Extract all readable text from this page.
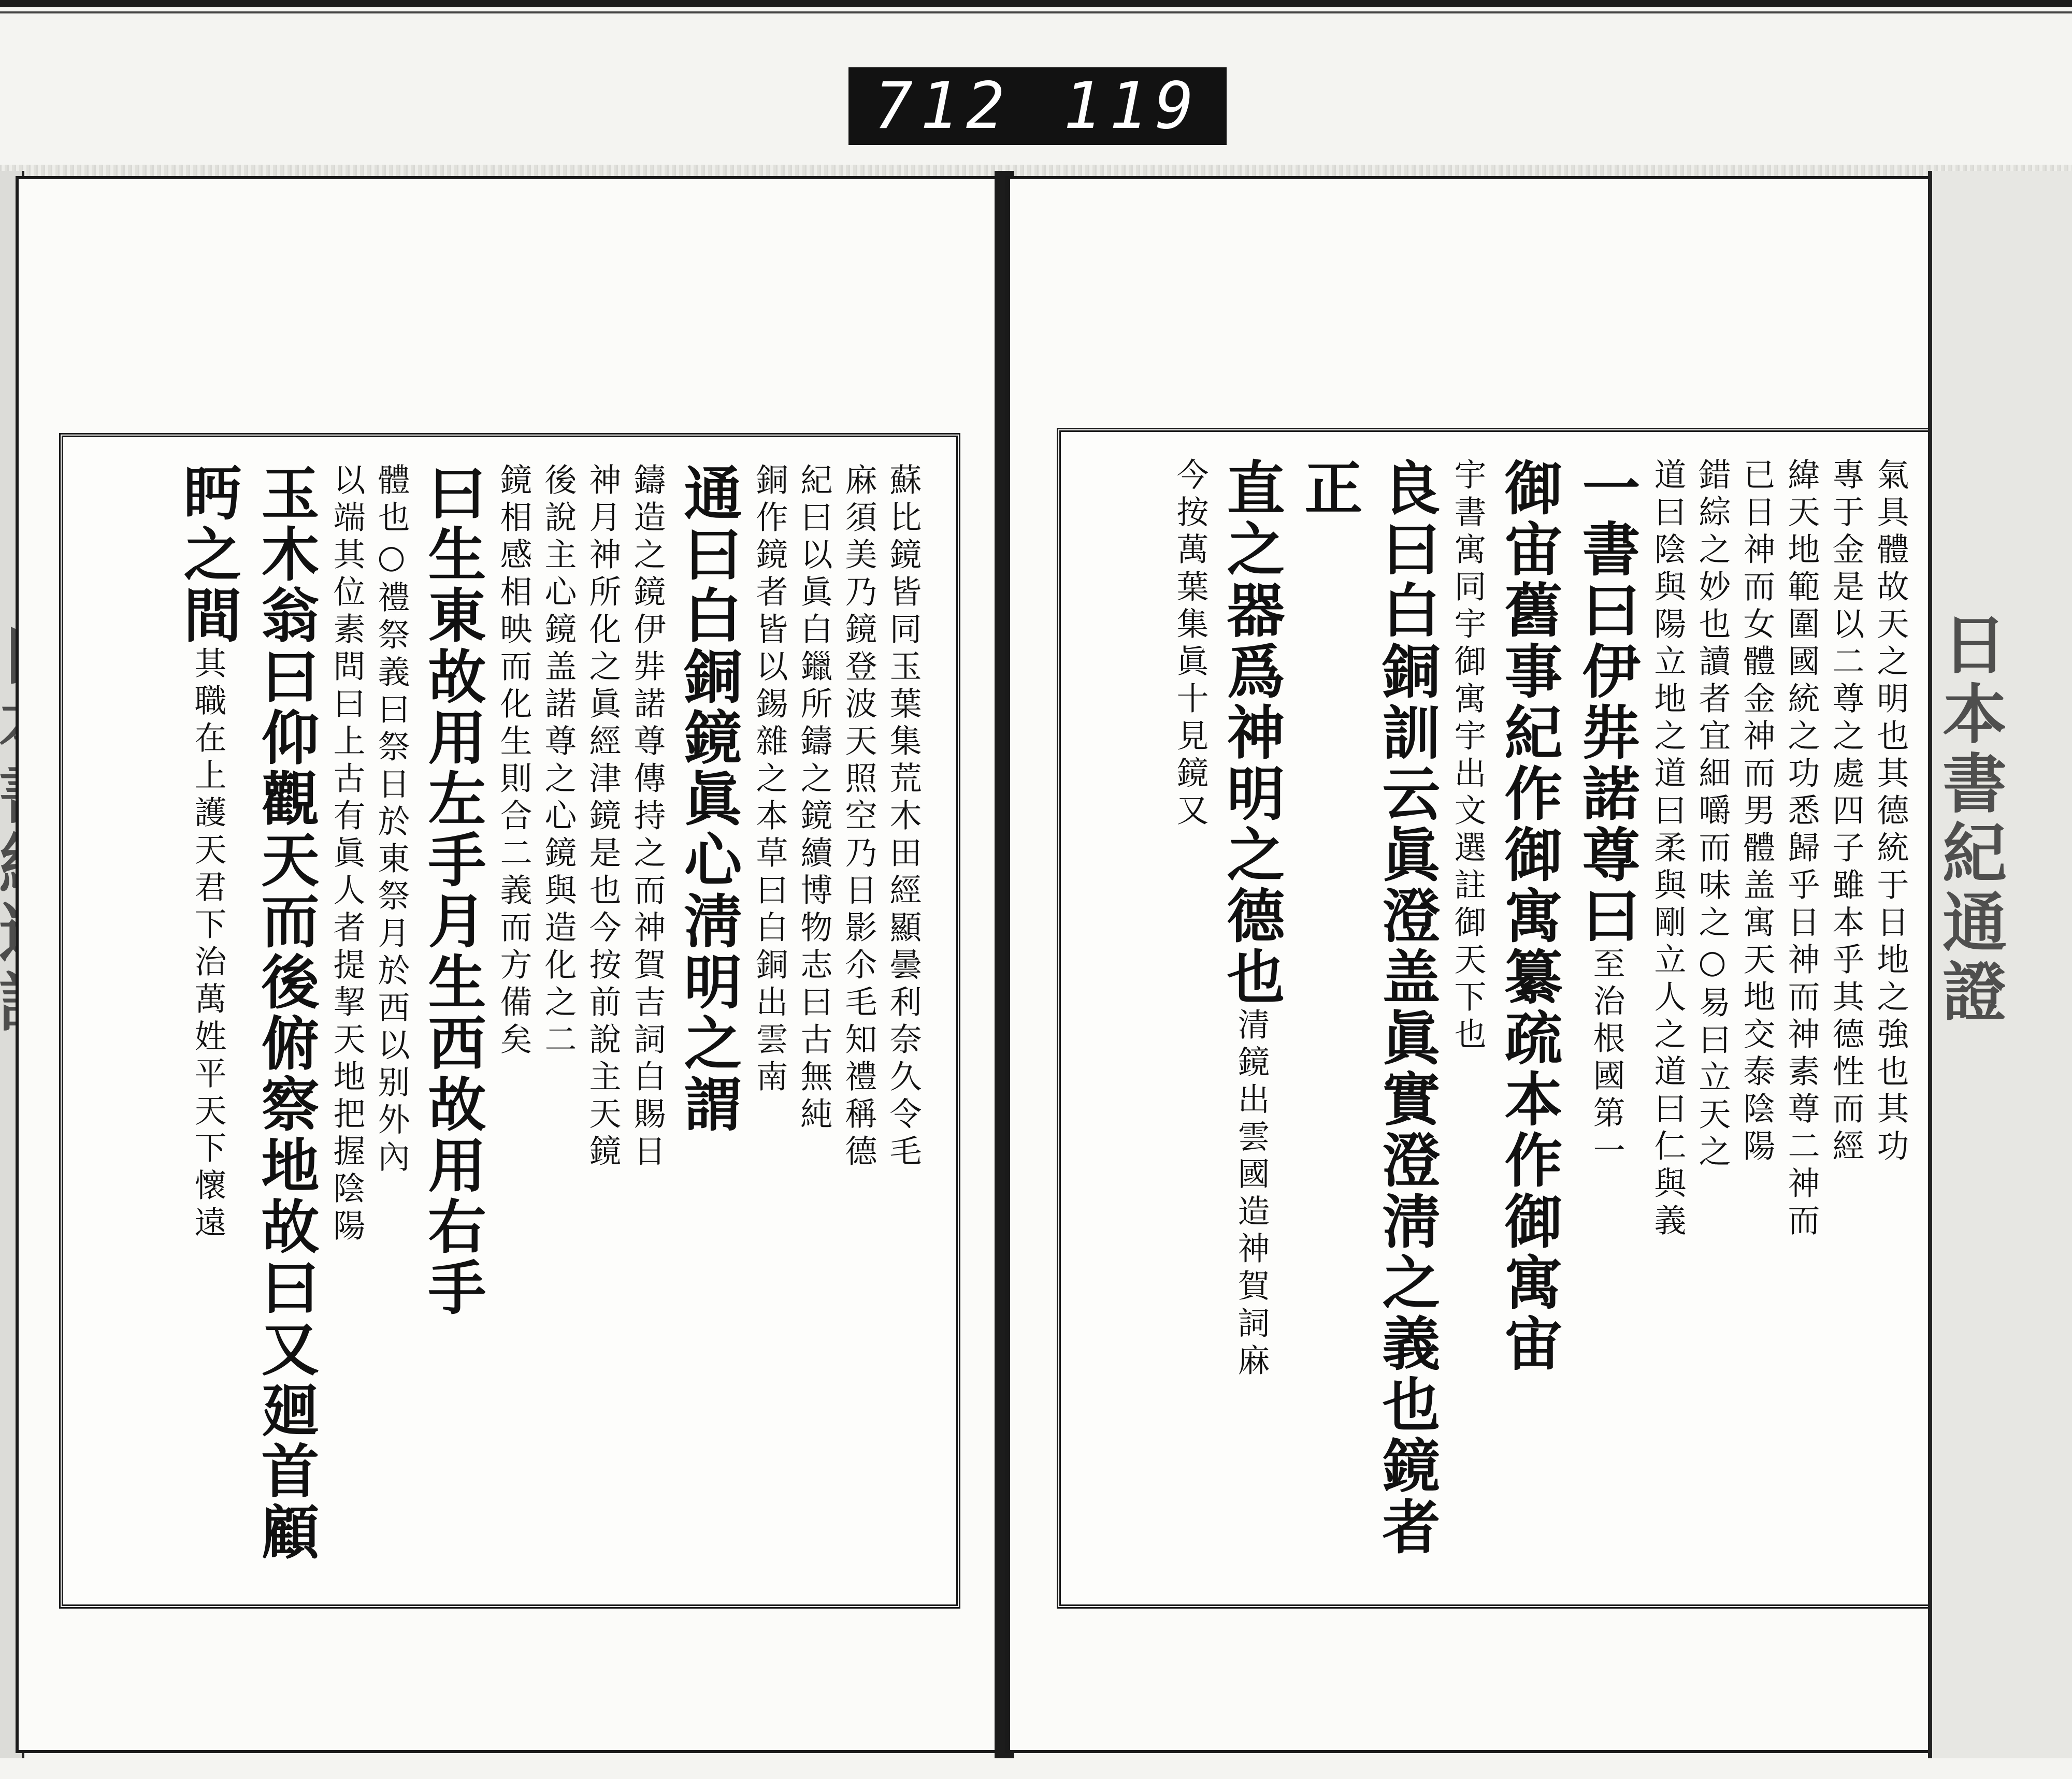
712 119
蘇比鏡皆同玉葉集荒木田經顯曇利奈久令毛麻須美乃鏡登波天照空乃日影尒毛知禮稱德紀曰以眞白鑞所鑄之鏡續博物志曰古無純銅作鏡者皆以錫雜之本草曰白銅出雲南通曰白銅鏡眞心淸明之謂鑄造之鏡伊弉諾尊傳持之而神賀吉詞白賜日神月神所化之眞經津鏡是也今按前說主天鏡後說主心鏡盖諾尊之心鏡與造化之二鏡相感相映而化生則合二義而方備矣曰生東故用左手月生西故用右手體也○禮祭義曰祭日於東祭月於西以别外內以端其位素問曰上古有眞人者提挈天地把握陰陽玉木翁曰仰觀天而後俯察地故曰又廻首顧眄之間其職在上護天君下治萬姓平天下懷遠	氣具體故天之明也其德統于日地之強也其功專于金是以二尊之處四子雖本乎其德性而經緯天地範圍國統之功悉歸乎日神而神素尊二神而已日神而女體金神而男體盖寓天地交泰陰陽錯綜之妙也讀者宜細嚼而味之○易曰立天之道曰陰與陽立地之道曰柔與剛立人之道曰仁與義一書曰伊弉諾尊曰至治根國第一御宙舊事紀作御寓纂疏本作御寓宙宇書寓同宇御寓宇出文選註御天下也良曰白銅訓云眞澄盖眞實澄淸之義也鏡者正直之器爲神明之德也清鏡出雲國造神賀詞麻今按萬葉集眞十見鏡又	日本書紀通證
